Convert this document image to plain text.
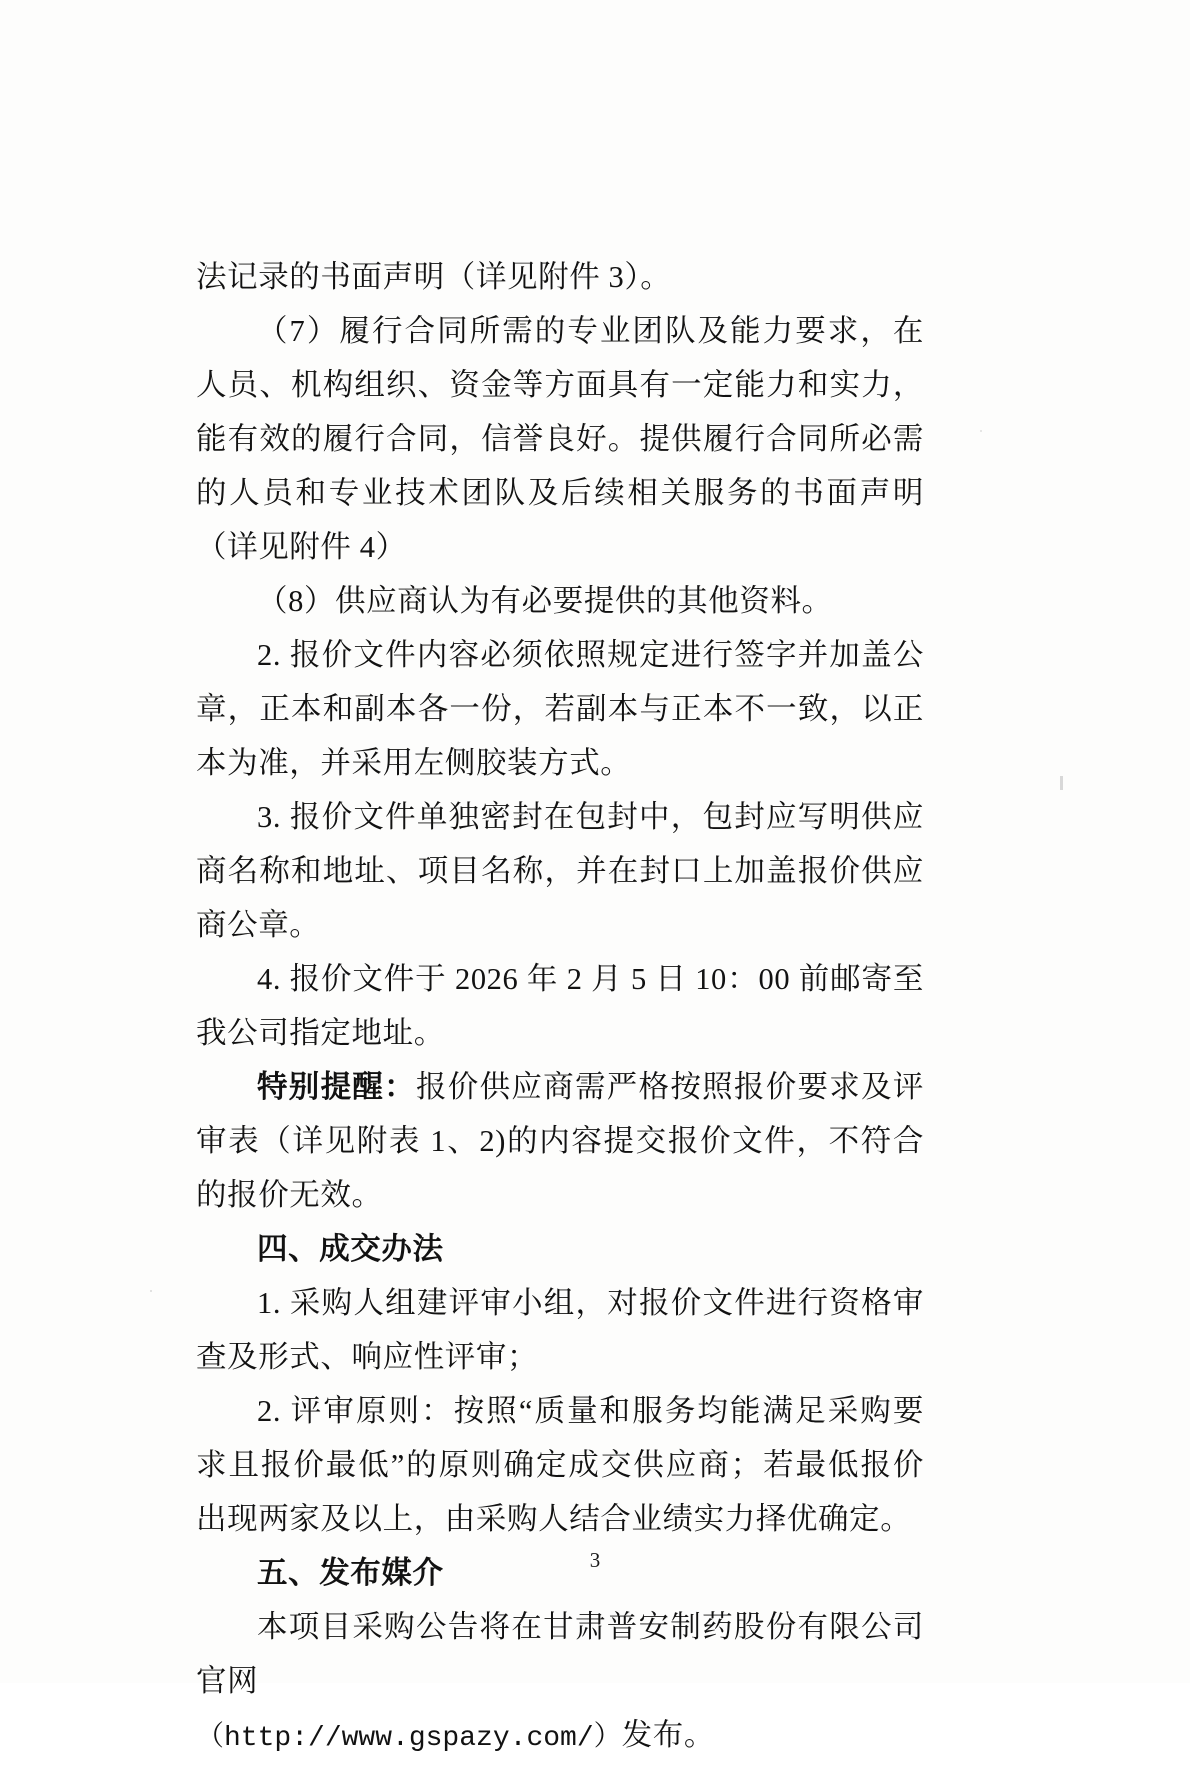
法记录的书面声明（详见附件 3）。

（7）履行合同所需的专业团队及能力要求，在人员、机构组织、资金等方面具有一定能力和实力，能有效的履行合同，信誉良好。提供履行合同所必需的人员和专业技术团队及后续相关服务的书面声明（详见附件 4）

（8）供应商认为有必要提供的其他资料。

2. 报价文件内容必须依照规定进行签字并加盖公章，正本和副本各一份，若副本与正本不一致，以正本为准，并采用左侧胶装方式。

3. 报价文件单独密封在包封中，包封应写明供应商名称和地址、项目名称，并在封口上加盖报价供应商公章。

4. 报价文件于 2026 年 2 月 5 日 10：00 前邮寄至我公司指定地址。

特别提醒：报价供应商需严格按照报价要求及评审表（详见附表 1、2)的内容提交报价文件，不符合的报价无效。

四、成交办法

1. 采购人组建评审小组，对报价文件进行资格审查及形式、响应性评审；

2. 评审原则：按照“质量和服务均能满足采购要求且报价最低”的原则确定成交供应商；若最低报价出现两家及以上，由采购人结合业绩实力择优确定。

五、发布媒介

本项目采购公告将在甘肃普安制药股份有限公司官网

（http://www.gspazy.com/）发布。

3
